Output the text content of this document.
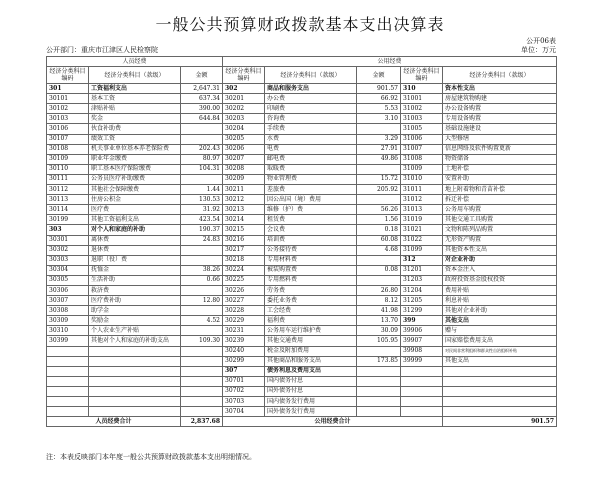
一般公共预算财政拨款基本支出决算表
公开06表
公开部门：重庆市江津区人民检察院	单位：万元
人员经费			公用经费				
经济分类科目编码	经济分类科目（款级）	金额	经济分类科目编码	经济分类科目（款级）	金额	经济分类科目编码	经济分类科目（款级）
301	工资福利支出	2,647.31	302	商品和服务支出	901.57	310	资本性支出
30101	基本工资	637.34	30201	办公费	66.92	31001	房屋建筑物购建
30102	津贴补贴	390.00	30202	印刷费	5.53	31002	办公设备购置
30103	奖金	644.84	30203	咨询费	3.10	31003	专用设备购置
30106	伙食补助费		30204	手续费		31005	基础设施建设
30107	绩效工资		30205	水费	3.29	31006	大型修缮
30108	机关事业单位基本养老保险费	202.43	30206	电费	27.91	31007	信息网络及软件购置更新
30109	职业年金缴费	80.97	30207	邮电费	49.86	31008	物资储备
30110	职工基本医疗保险缴费	104.31	30208	取暖费		31009	土地补偿
30111	公务员医疗补助缴费		30209	物业管理费	15.72	31010	安置补助
30112	其他社会保障缴费	1.44	30211	差旅费	205.92	31011	地上附着物和青苗补偿
30113	住房公积金	130.53	30212	因公出国（境）费用		31012	拆迁补偿
30114	医疗费	31.92	30213	维修（护）费	56.26	31013	公务用车购置
30199	其他工资福利支出	423.54	30214	租赁费	1.56	31019	其他交通工具购置
303	对个人和家庭的补助	190.37	30215	会议费	0.18	31021	文物和陈列品购置
30301	离休费	24.83	30216	培训费	60.08	31022	无形资产购置
30302	退休费		30217	公务接待费	4.68	31099	其他资本性支出
30303	退职（役）费		30218	专用材料费		312	对企业补助
30304	抚恤金	38.26	30224	被装购置费	0.08	31201	资本金注入
30305	生活补助	0.66	30225	专用燃料费		31203	政府投资基金股权投资
30306	救济费		30226	劳务费	26.80	31204	费用补贴
30307	医疗费补助	12.80	30227	委托业务费	8.12	31205	利息补贴
30308	助学金		30228	工会经费	41.98	31299	其他对企业补助
30309	奖励金	4.52	30229	福利费	13.70	399	其他支出
30310	个人农业生产补贴		30231	公务用车运行维护费	30.09	39906	赠与
30399	其他对个人和家庭的补助支出	109.30	30239	其他交通费用	105.95	39907	国家赔偿费用支出
			30240	税金及附加费用		39908	对民间非营利组织和群众性自治组织补贴
			30299	其他商品和服务支出	173.85	39999	其他支出
			307	债务利息及费用支出			
			30701	国内债务付息			
			30702	国外债务付息			
			30703	国内债务发行费用			
			30704	国外债务发行费用			
人员经费合计		2,837.68	公用经费合计				901.57
注：本表反映部门本年度一般公共预算财政拨款基本支出明细情况。
